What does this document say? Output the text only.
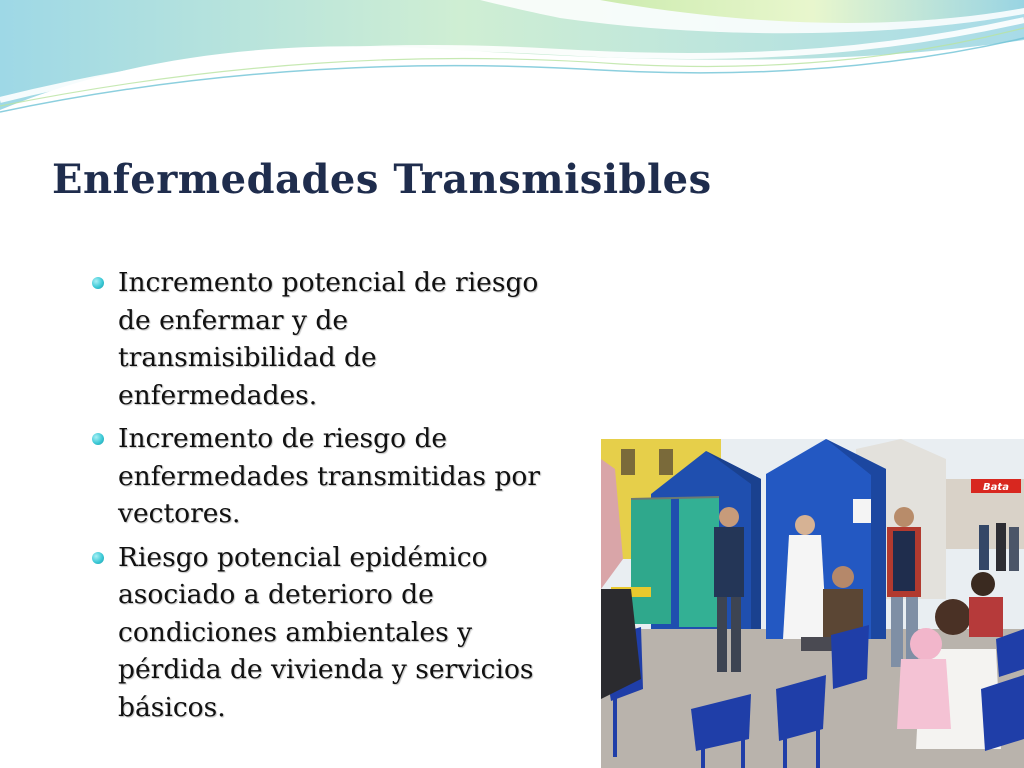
Enfermedades Transmisibles
Incremento potencial de riesgo de enfermar y de transmisibilidad de enfermedades.
Incremento de riesgo de enfermedades transmitidas por vectores.
Riesgo potencial epidémico asociado a deterioro de condiciones ambientales y pérdida de vivienda y servicios básicos.
Bata
